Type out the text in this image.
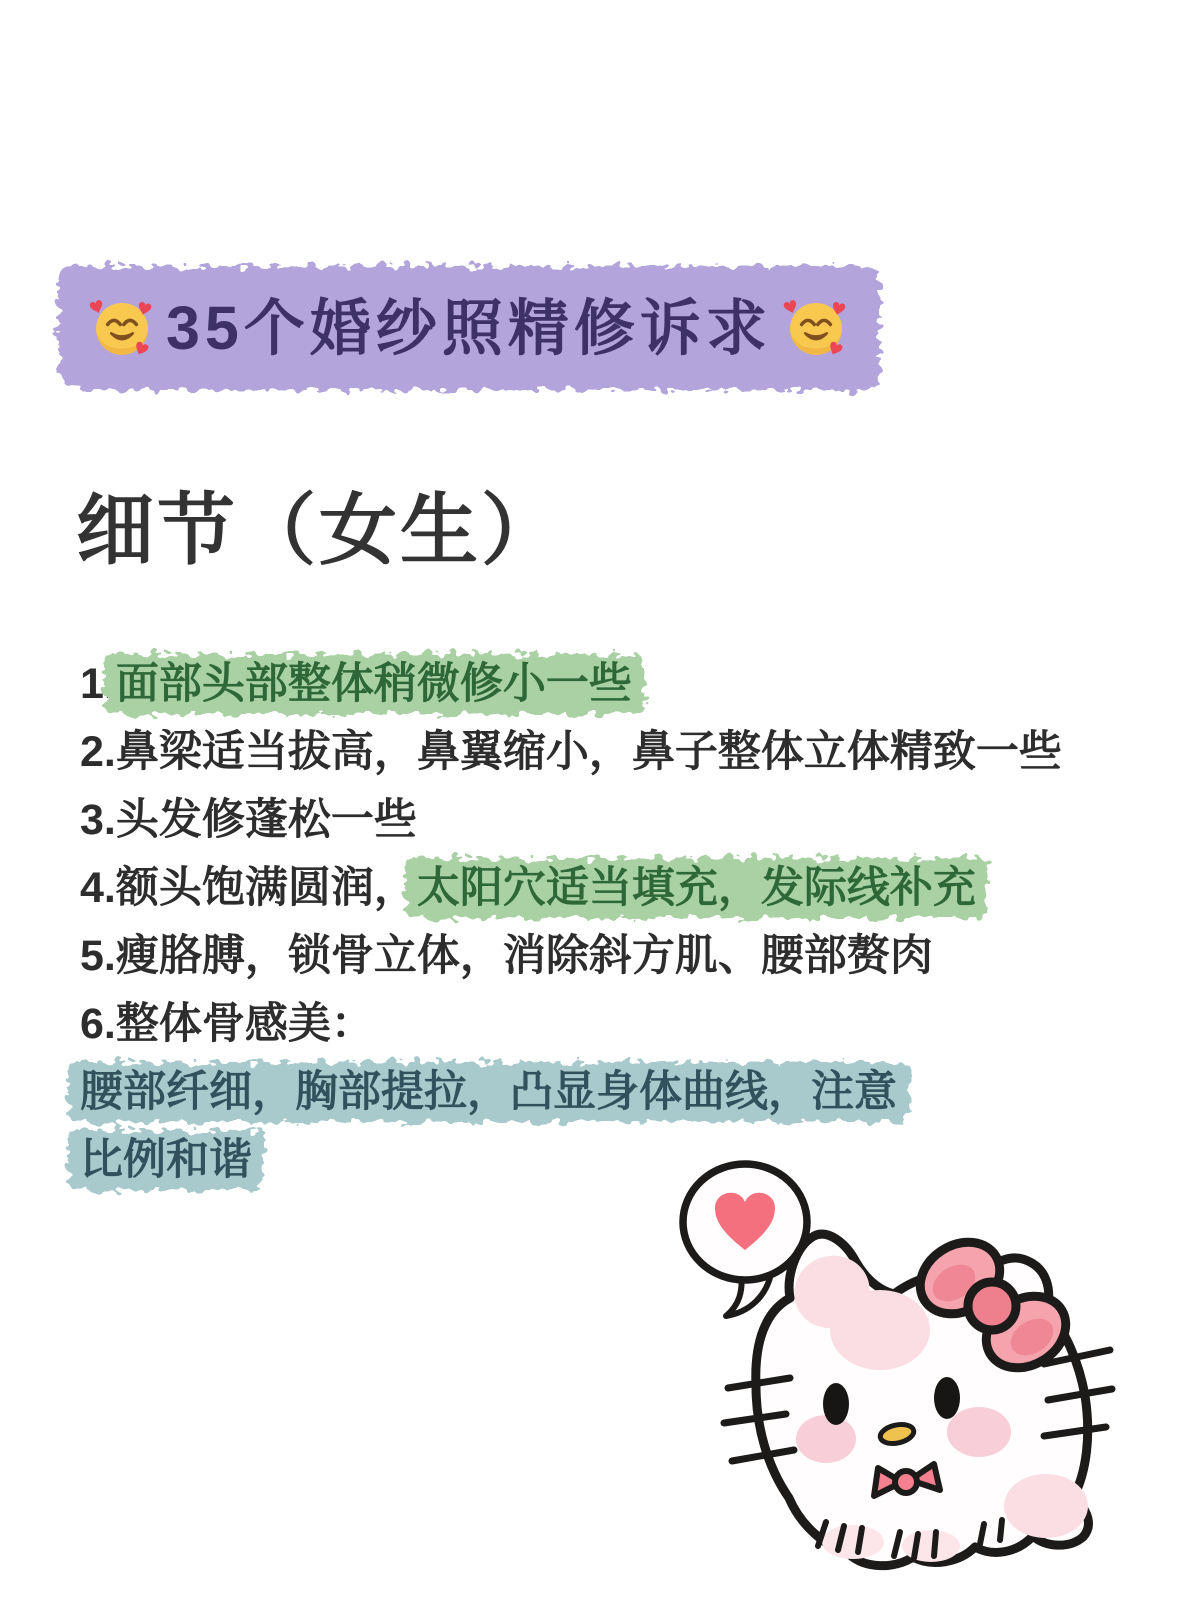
35个婚纱照精修诉求
细节（女生）

1.面部头部整体稍微修小一些

2.鼻梁适当拔高，鼻翼缩小，鼻子整体立体精致一些

3.头发修蓬松一些

4.额头饱满圆润，太阳穴适当填充，发际线补充

5.瘦胳膊，锁骨立体，消除斜方肌、腰部赘肉

6.整体骨感美：腰部纤细，胸部提拉，凸显身体曲线，注意
比例和谐
